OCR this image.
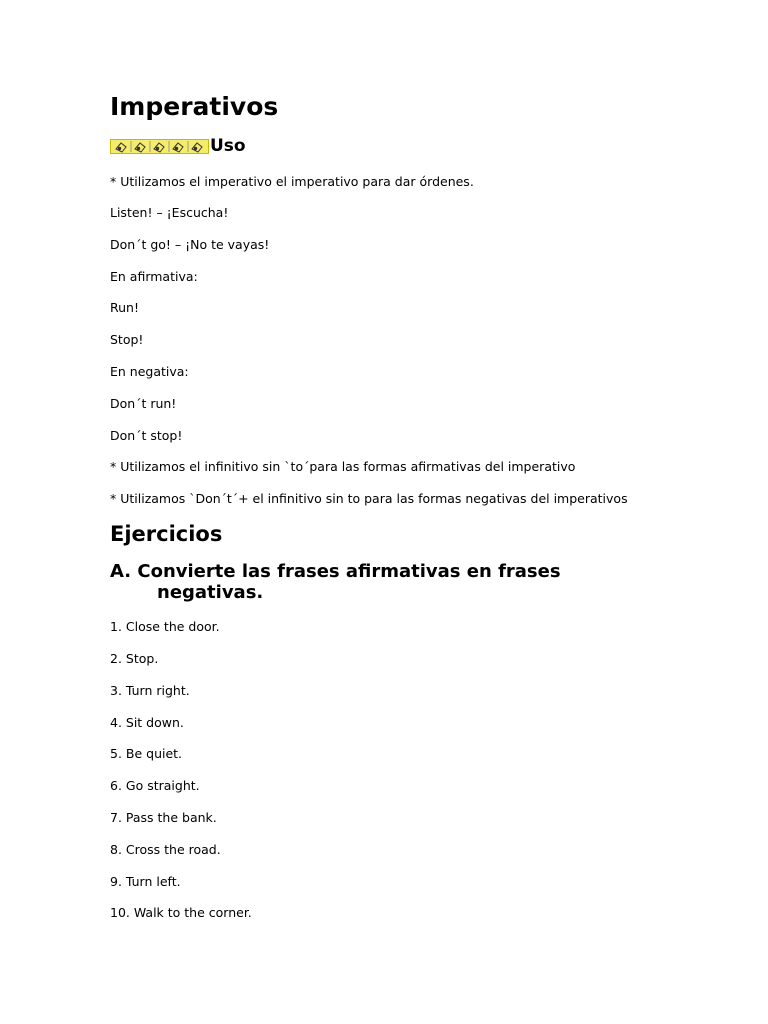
Imperativos
Uso
* Utilizamos el imperativo el imperativo para dar órdenes.
Listen! – ¡Escucha!
Don´t go! – ¡No te vayas!
En afirmativa:
Run!
Stop!
En negativa:
Don´t run!
Don´t stop!
* Utilizamos el infinitivo sin `to´para las formas afirmativas del imperativo
* Utilizamos `Don´t´+ el infinitivo sin to para las formas negativas del imperativos
Ejercicios
A. Convierte las frases afirmativas en frases
negativas.
1. Close the door.
2. Stop.
3. Turn right.
4. Sit down.
5. Be quiet.
6. Go straight.
7. Pass the bank.
8. Cross the road.
9. Turn left.
10. Walk to the corner.
